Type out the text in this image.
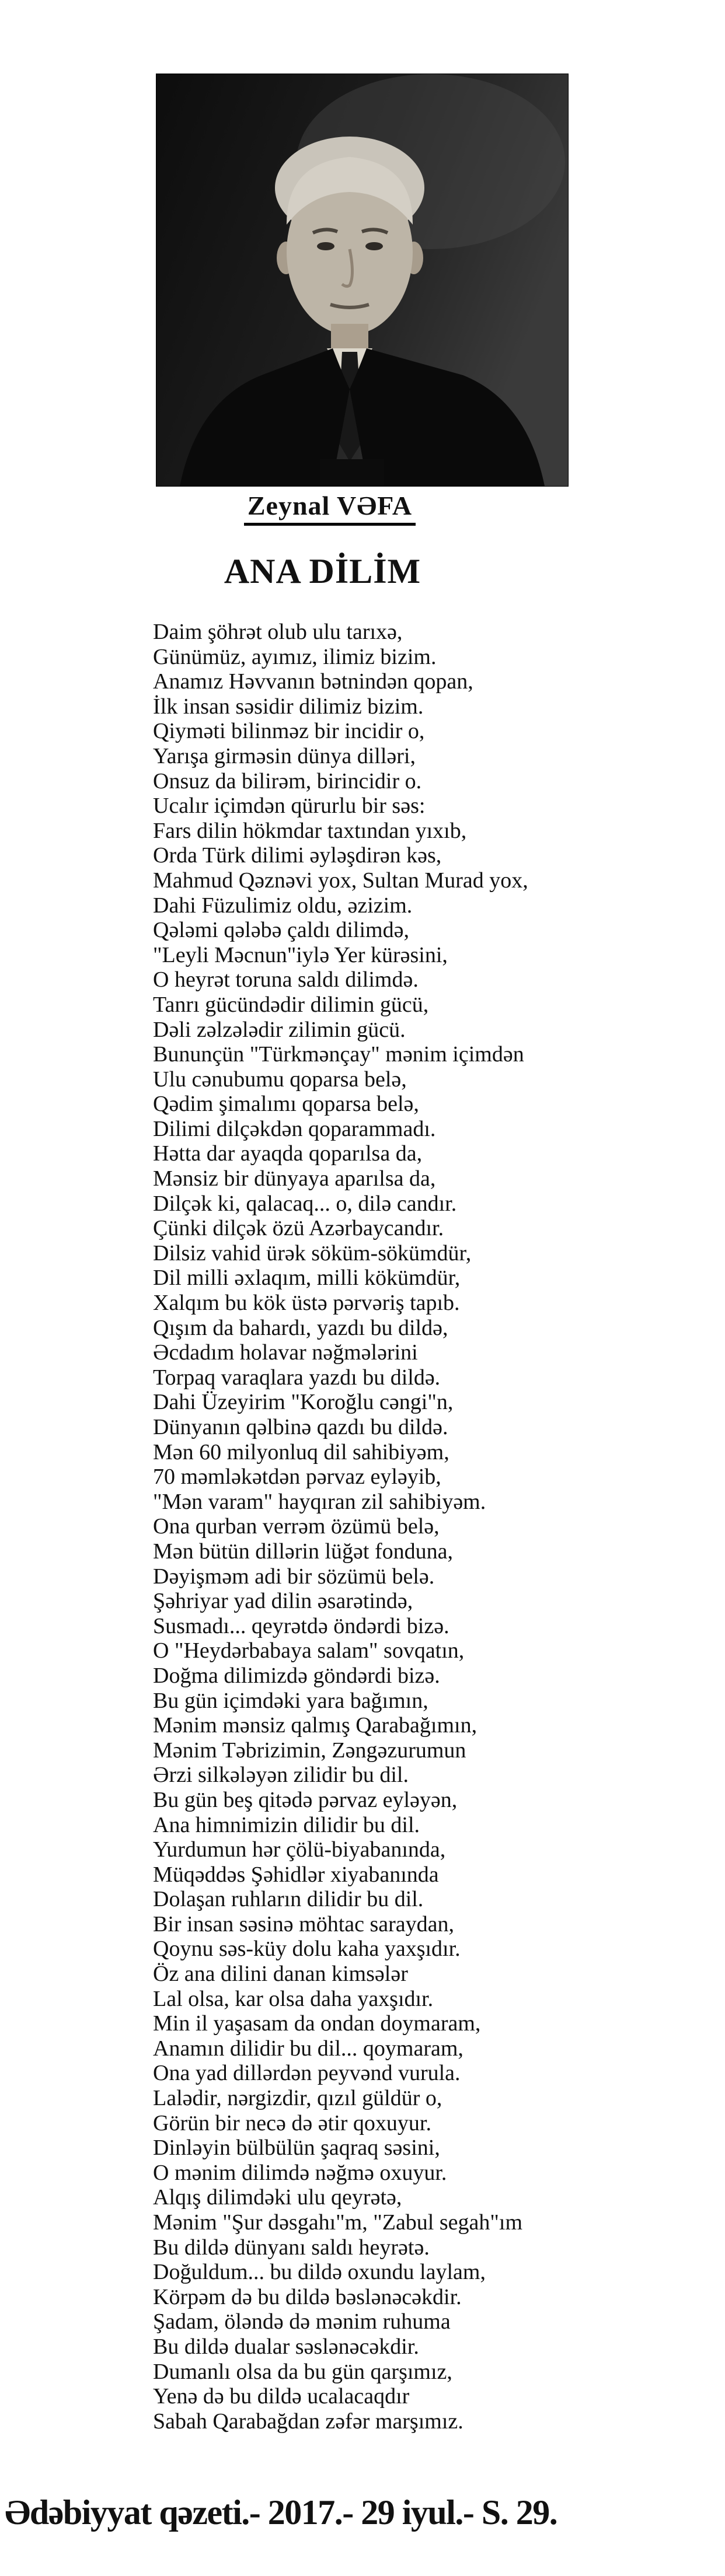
Zeynal VƏFA
ANA DİLİM
Daim şöhrət olub ulu tarıxə,
Günümüz, ayımız, ilimiz bizim.
Anamız Həvvanın bətnindən qopan,
İlk insan səsidir dilimiz bizim.
Qiyməti bilinməz bir incidir o,
Yarışa girməsin dünya dilləri,
Onsuz da bilirəm, birincidir o.
Ucalır içimdən qürurlu bir səs:
Fars dilin hökmdar taxtından yıxıb,
Orda Türk dilimi əyləşdirən kəs,
Mahmud Qəznəvi yox, Sultan Murad yox,
Dahi Füzulimiz oldu, əzizim.
Qələmi qələbə çaldı dilimdə,
"Leyli Məcnun"iylə Yer kürəsini,
O heyrət toruna saldı dilimdə.
Tanrı gücündədir dilimin gücü,
Dəli zəlzələdir zilimin gücü.
Bununçün "Türkmənçay" mənim içimdən
Ulu cənubumu qoparsa belə,
Qədim şimalımı qoparsa belə,
Dilimi dilçəkdən qoparammadı.
Hətta dar ayaqda qoparılsa da,
Mənsiz bir dünyaya aparılsa da,
Dilçək ki, qalacaq... o, dilə candır.
Çünki dilçək özü Azərbaycandır.
Dilsiz vahid ürək söküm-sökümdür,
Dil milli əxlaqım, milli kökümdür,
Xalqım bu kök üstə pərvəriş tapıb.
Qışım da bahardı, yazdı bu dildə,
Əcdadım holavar nəğmələrini
Torpaq varaqlara yazdı bu dildə.
Dahi Üzeyirim "Koroğlu cəngi"n,
Dünyanın qəlbinə qazdı bu dildə.
Mən 60 milyonluq dil sahibiyəm,
70 məmləkətdən pərvaz eyləyib,
"Mən varam" hayqıran zil sahibiyəm.
Ona qurban verrəm özümü belə,
Mən bütün dillərin lüğət fonduna,
Dəyişməm adi bir sözümü belə.
Şəhriyar yad dilin əsarətində,
Susmadı... qeyrətdə öndərdi bizə.
O "Heydərbabaya salam" sovqatın,
Doğma dilimizdə göndərdi bizə.
Bu gün içimdəki yara bağımın,
Mənim mənsiz qalmış Qarabağımın,
Mənim Təbrizimin, Zəngəzurumun
Ərzi silkələyən zilidir bu dil.
Bu gün beş qitədə pərvaz eyləyən,
Ana himnimizin dilidir bu dil.
Yurdumun hər çölü-biyabanında,
Müqəddəs Şəhidlər xiyabanında
Dolaşan ruhların dilidir bu dil.
Bir insan səsinə möhtac saraydan,
Qoynu səs-küy dolu kaha yaxşıdır.
Öz ana dilini danan kimsələr
Lal olsa, kar olsa daha yaxşıdır.
Min il yaşasam da ondan doymaram,
Anamın dilidir bu dil... qoymaram,
Ona yad dillərdən peyvənd vurula.
Lalədir, nərgizdir, qızıl güldür o,
Görün bir necə də ətir qoxuyur.
Dinləyin bülbülün şaqraq səsini,
O mənim dilimdə nəğmə oxuyur.
Alqış dilimdəki ulu qeyrətə,
Mənim "Şur dəsgahı"m, "Zabul segah"ım
Bu dildə dünyanı saldı heyrətə.
Doğuldum... bu dildə oxundu laylam,
Körpəm də bu dildə bəslənəcəkdir.
Şadam, öləndə də mənim ruhuma
Bu dildə dualar səslənəcəkdir.
Dumanlı olsa da bu gün qarşımız,
Yenə də bu dildə ucalacaqdır
Sabah Qarabağdan zəfər marşımız.
Ədəbiyyat qəzeti.- 2017.- 29 iyul.- S. 29.
